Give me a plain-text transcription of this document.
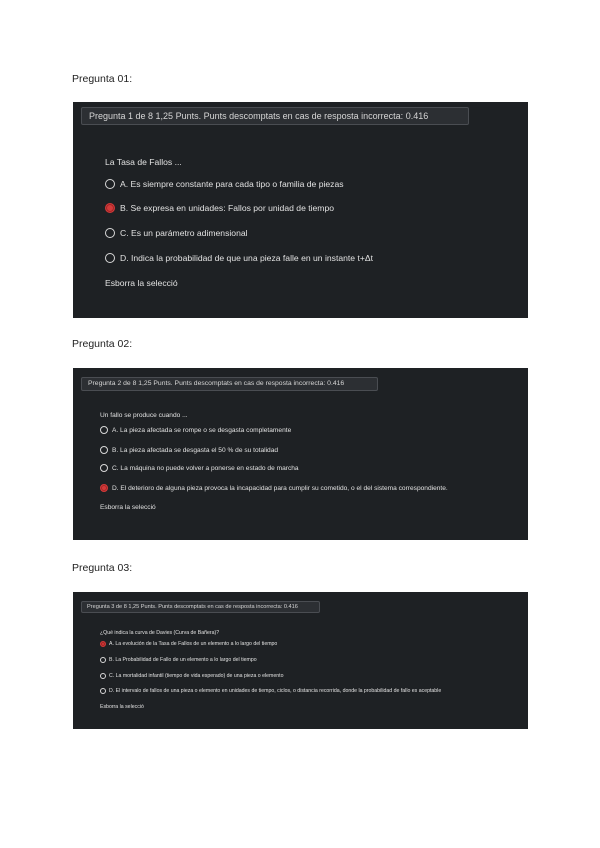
Pregunta 01:
Pregunta 1 de 8 1,25 Punts. Punts descomptats en cas de resposta incorrecta: 0.416
La Tasa de Fallos ...
A. Es siempre constante para cada tipo o familia de piezas
B. Se expresa en unidades: Fallos por unidad de tiempo
C. Es un parámetro adimensional
D. Indica la probabilidad de que una pieza falle en un instante t+Δt
Esborra la selecció
Pregunta 02:
Pregunta 2 de 8 1,25 Punts. Punts descomptats en cas de resposta incorrecta: 0.416
Un fallo se produce cuando ...
A. La pieza afectada se rompe o se desgasta completamente
B. La pieza afectada se desgasta el 50 % de su totalidad
C. La máquina no puede volver a ponerse en estado de marcha
D. El deterioro de alguna pieza provoca la incapacidad para cumplir su cometido, o el del sistema correspondiente.
Esborra la selecció
Pregunta 03:
Pregunta 3 de 8 1,25 Punts. Punts descomptats en cas de resposta incorrecta: 0.416
¿Qué indica la curva de Davies (Curva de Bañera)?
A. La evolución de la Tasa de Fallos de un elemento a lo largo del tiempo
B. La Probabilidad de Fallo de un elemento a lo largo del tiempo
C. La mortalidad infantil (tiempo de vida esperado) de una pieza o elemento
D. El intervalo de fallos de una pieza o elemento en unidades de tiempo, ciclos, o distancia recorrida, donde la probabilidad de fallo es aceptable
Esborra la selecció
